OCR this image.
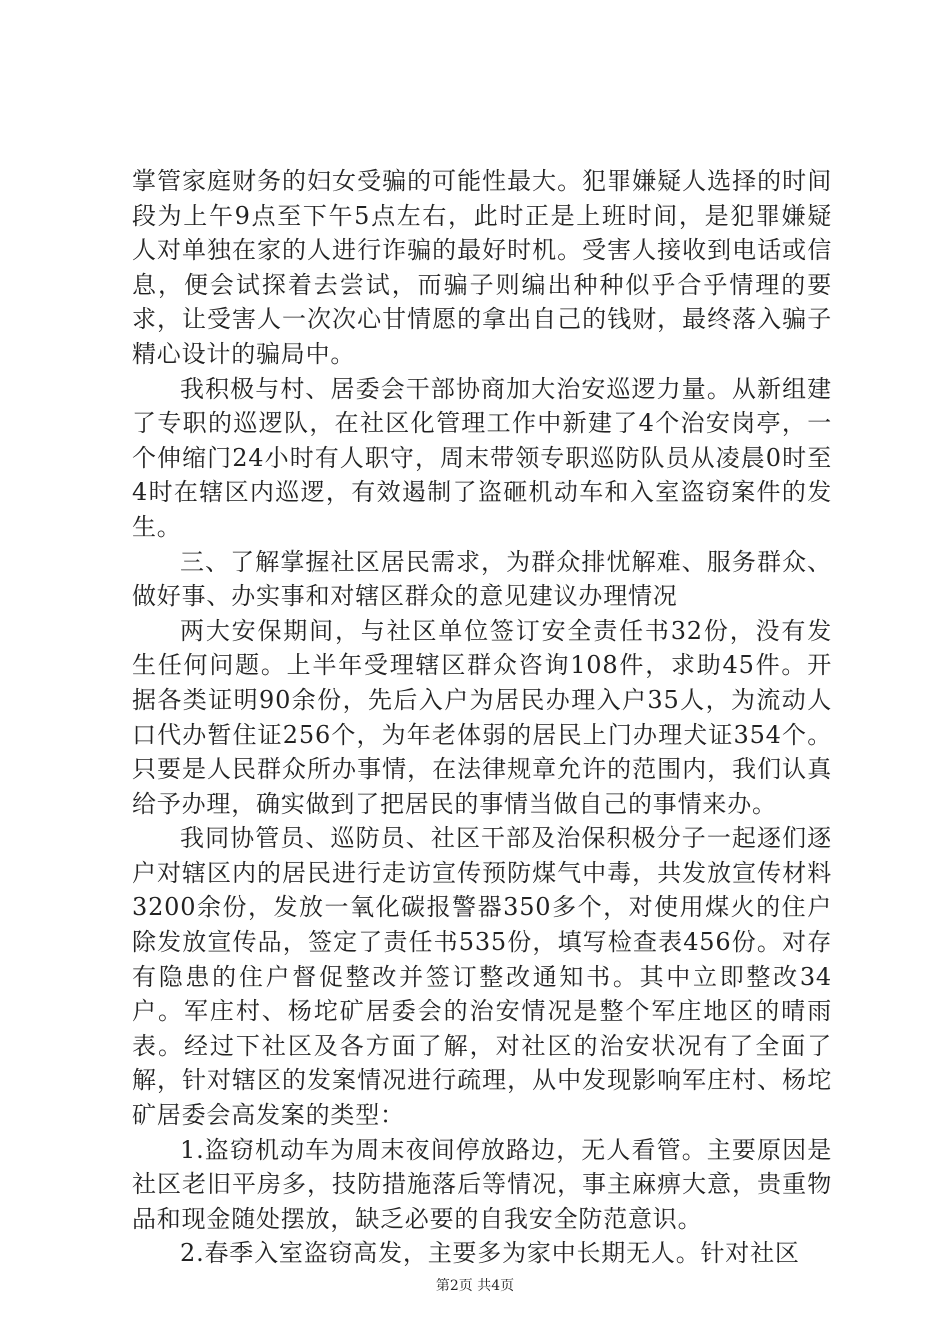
掌管家庭财务的妇女受骗的可能性最大。犯罪嫌疑人选择的时间段为上午9点至下午5点左右，此时正是上班时间，是犯罪嫌疑人对单独在家的人进行诈骗的最好时机。受害人接收到电话或信息，便会试探着去尝试，而骗子则编出种种似乎合乎情理的要求，让受害人一次次心甘情愿的拿出自己的钱财，最终落入骗子精心设计的骗局中。

我积极与村、居委会干部协商加大治安巡逻力量。从新组建了专职的巡逻队，在社区化管理工作中新建了4个治安岗亭，一个伸缩门24小时有人职守，周末带领专职巡防队员从凌晨0时至4时在辖区内巡逻，有效遏制了盗砸机动车和入室盗窃案件的发生。

三、了解掌握社区居民需求，为群众排忧解难、服务群众、做好事、办实事和对辖区群众的意见建议办理情况

两大安保期间，与社区单位签订安全责任书32份，没有发生任何问题。上半年受理辖区群众咨询108件，求助45件。开据各类证明90余份，先后入户为居民办理入户35人，为流动人口代办暂住证256个，为年老体弱的居民上门办理犬证354个。只要是人民群众所办事情，在法律规章允许的范围内，我们认真给予办理，确实做到了把居民的事情当做自己的事情来办。

我同协管员、巡防员、社区干部及治保积极分子一起逐们逐户对辖区内的居民进行走访宣传预防煤气中毒，共发放宣传材料3200余份，发放一氧化碳报警器350多个，对使用煤火的住户除发放宣传品，签定了责任书535份，填写检查表456份。对存有隐患的住户督促整改并签订整改通知书。其中立即整改34户。军庄村、杨坨矿居委会的治安情况是整个军庄地区的晴雨表。经过下社区及各方面了解，对社区的治安状况有了全面了解，针对辖区的发案情况进行疏理，从中发现影响军庄村、杨坨矿居委会高发案的类型：

1.盗窃机动车为周末夜间停放路边，无人看管。主要原因是社区老旧平房多，技防措施落后等情况，事主麻痹大意，贵重物品和现金随处摆放，缺乏必要的自我安全防范意识。

2.春季入室盗窃高发，主要多为家中长期无人。针对社区

第2页 共4页
